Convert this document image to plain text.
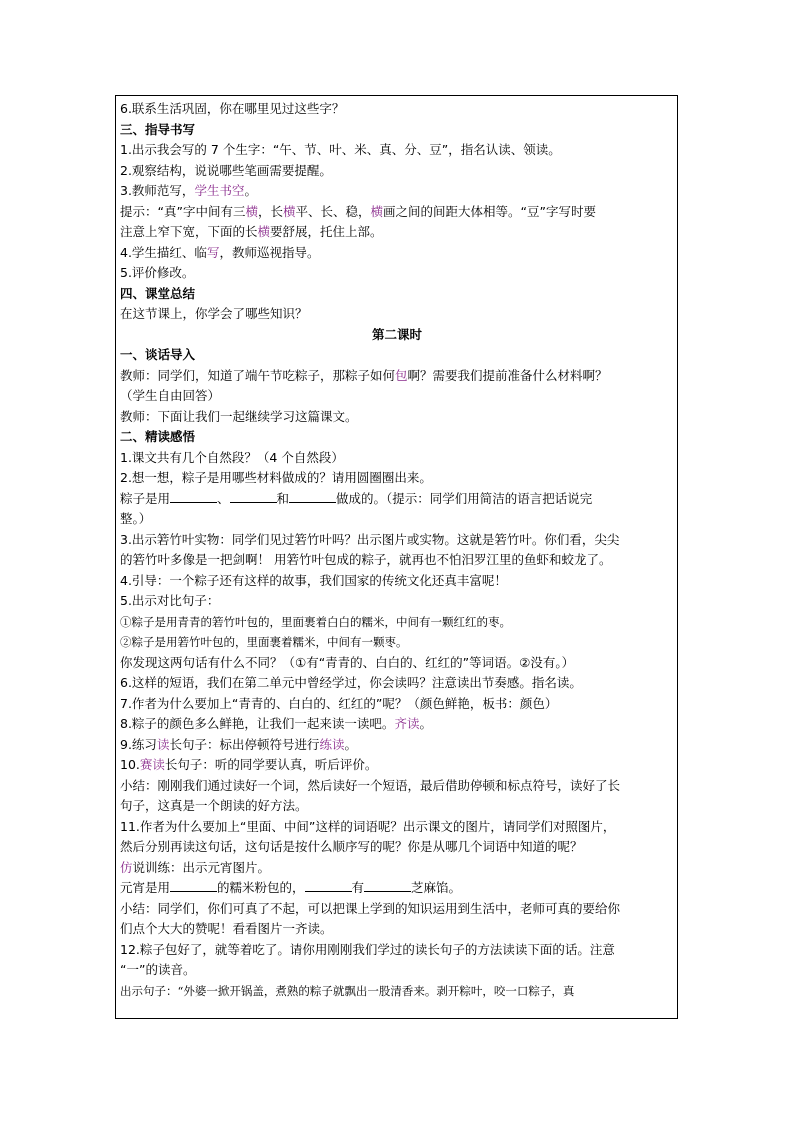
6.联系生活巩固，你在哪里见过这些字？
三、指导书写
1.出示我会写的 7 个生字：“午、节、叶、米、真、分、豆”，指名认读、领读。
2.观察结构，说说哪些笔画需要提醒。
3.教师范写，学生书空。
提示：“真”字中间有三横，长横平、长、稳，横画之间的间距大体相等。“豆”字写时要
注意上窄下宽，下面的长横要舒展，托住上部。
4.学生描红、临写，教师巡视指导。
5.评价修改。
四、课堂总结
在这节课上，你学会了哪些知识？
第二课时
一、谈话导入
教师：同学们，知道了端午节吃粽子，那粽子如何包啊？需要我们提前准备什么材料啊？
（学生自由回答）
教师：下面让我们一起继续学习这篇课文。
二、精读感悟
1.课文共有几个自然段？（4 个自然段）
2.想一想，粽子是用哪些材料做成的？请用圆圈圈出来。
粽子是用	、	和	做成的。（提示：同学们用简洁的语言把话说完
整。）
3.出示箬竹叶实物：同学们见过箬竹叶吗？出示图片或实物。这就是箬竹叶。你们看，尖尖
的箬竹叶多像是一把剑啊！ 用箬竹叶包成的粽子，就再也不怕汨罗江里的鱼虾和蛟龙了。
4.引导：一个粽子还有这样的故事，我们国家的传统文化还真丰富呢！
5.出示对比句子：
①粽子是用青青的箬竹叶包的，里面裹着白白的糯米，中间有一颗红红的枣。
②粽子是用箬竹叶包的，里面裹着糯米，中间有一颗枣。
你发现这两句话有什么不同？（①有“青青的、白白的、红红的”等词语。②没有。）
6.这样的短语，我们在第二单元中曾经学过，你会读吗？注意读出节奏感。指名读。
7.作者为什么要加上“青青的、白白的、红红的”呢？（颜色鲜艳，板书：颜色）
8.粽子的颜色多么鲜艳，让我们一起来读一读吧。齐读。
9.练习读长句子：标出停顿符号进行练读。
10.赛读长句子：听的同学要认真，听后评价。
小结：刚刚我们通过读好一个词，然后读好一个短语，最后借助停顿和标点符号，读好了长
句子，这真是一个朗读的好方法。
11.作者为什么要加上“里面、中间”这样的词语呢？出示课文的图片，请同学们对照图片，
然后分别再读这句话，这句话是按什么顺序写的呢？你是从哪几个词语中知道的呢？
仿说训练：出示元宵图片。
元宵是用	的糯米粉包的，	有	芝麻馅。
小结：同学们，你们可真了不起，可以把课上学到的知识运用到生活中，老师可真的要给你
们点个大大的赞呢！看看图片一齐读。
12.粽子包好了，就等着吃了。请你用刚刚我们学过的读长句子的方法读读下面的话。注意
“一”的读音。
出示句子：“外婆一掀开锅盖，煮熟的粽子就飘出一股清香来。剥开粽叶，咬一口粽子，真
